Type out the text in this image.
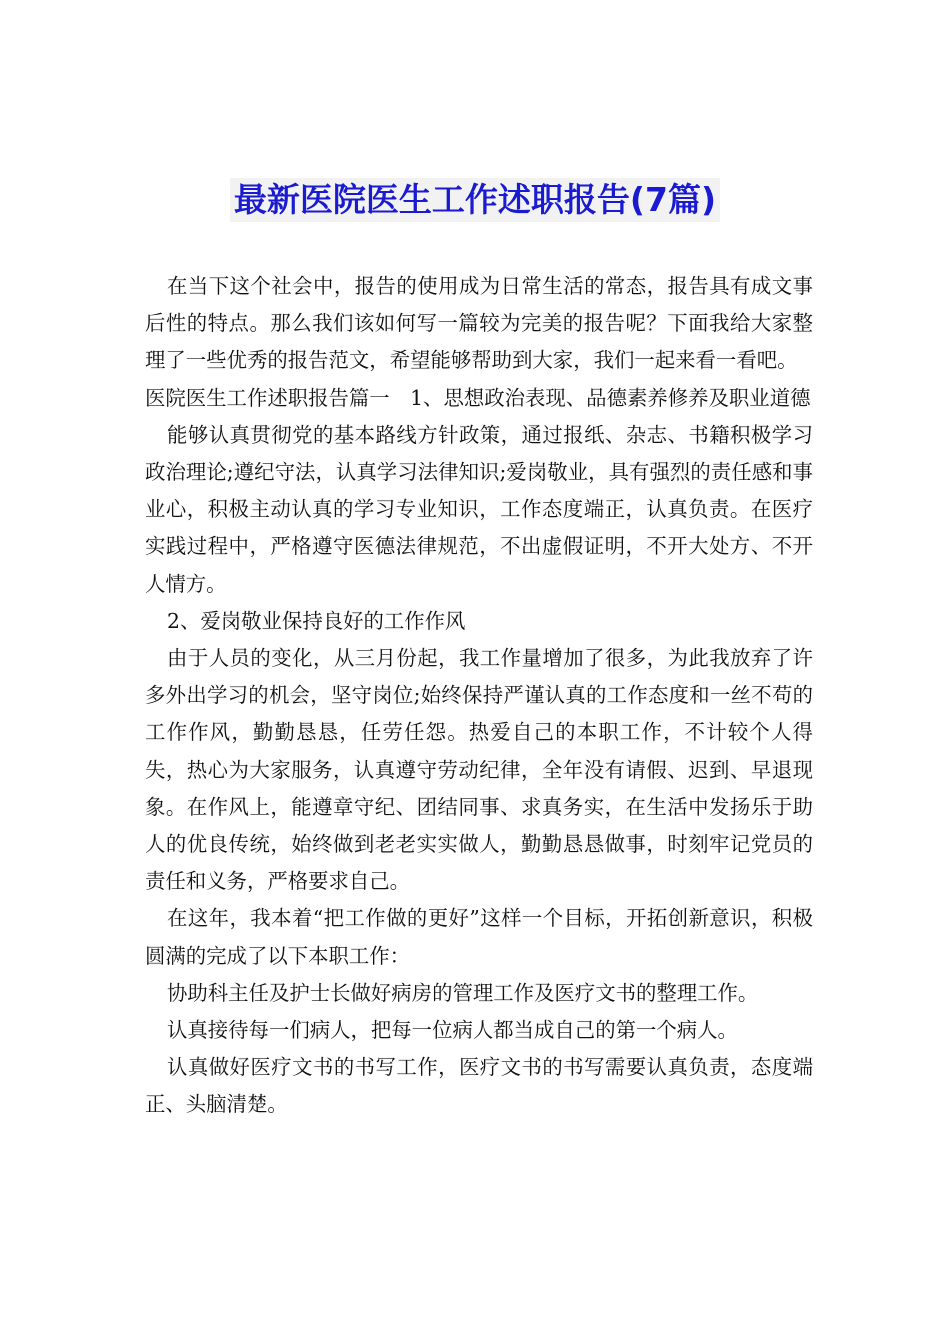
最新医院医生工作述职报告(7篇)

在当下这个社会中，报告的使用成为日常生活的常态，报告具有成文事后性的特点。那么我们该如何写一篇较为完美的报告呢？下面我给大家整理了一些优秀的报告范文，希望能够帮助到大家，我们一起来看一看吧。

医院医生工作述职报告篇一　1、思想政治表现、品德素养修养及职业道德

能够认真贯彻党的基本路线方针政策，通过报纸、杂志、书籍积极学习政治理论;遵纪守法，认真学习法律知识;爱岗敬业，具有强烈的责任感和事业心，积极主动认真的学习专业知识，工作态度端正，认真负责。在医疗实践过程中，严格遵守医德法律规范，不出虚假证明，不开大处方、不开人情方。

2、爱岗敬业保持良好的工作作风

由于人员的变化，从三月份起，我工作量增加了很多，为此我放弃了许多外出学习的机会，坚守岗位;始终保持严谨认真的工作态度和一丝不苟的工作作风，勤勤恳恳，任劳任怨。热爱自己的本职工作，不计较个人得失，热心为大家服务，认真遵守劳动纪律，全年没有请假、迟到、早退现象。在作风上，能遵章守纪、团结同事、求真务实，在生活中发扬乐于助人的优良传统，始终做到老老实实做人，勤勤恳恳做事，时刻牢记党员的责任和义务，严格要求自己。

在这年，我本着“把工作做的更好”这样一个目标，开拓创新意识，积极圆满的完成了以下本职工作：

协助科主任及护士长做好病房的管理工作及医疗文书的整理工作。

认真接待每一们病人，把每一位病人都当成自己的第一个病人。

认真做好医疗文书的书写工作，医疗文书的书写需要认真负责，态度端正、头脑清楚。
